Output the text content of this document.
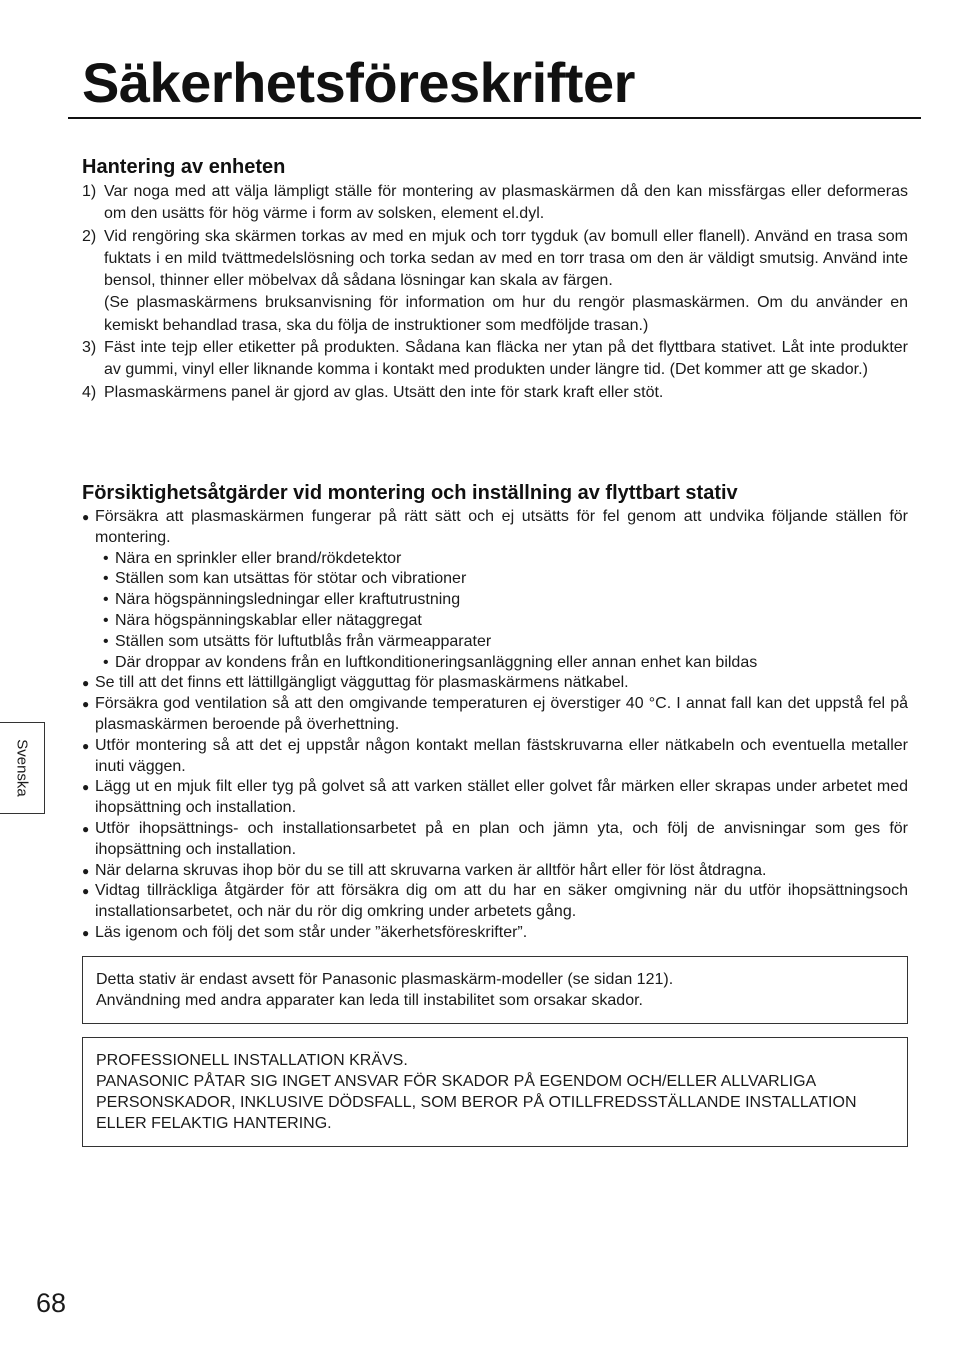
Säkerhetsföreskrifter
Hantering av enheten
1) Var noga med att välja lämpligt ställe för montering av plasmaskärmen då den kan missfärgas eller deformeras om den usätts för hög värme i form av solsken, element el.dyl.
2) Vid rengöring ska skärmen torkas av med en mjuk och torr tygduk (av bomull eller flanell). Använd en trasa som fuktats i en mild tvättmedelslösning och torka sedan av med en torr trasa om den är väldigt smutsig. Använd inte bensol, thinner eller möbelvax då sådana lösningar kan skala av färgen.
(Se plasmaskärmens bruksanvisning för information om hur du rengör plasmaskärmen. Om du använder en kemiskt behandlad trasa, ska du följa de instruktioner som medföljde trasan.)
3) Fäst inte tejp eller etiketter på produkten. Sådana kan fläcka ner ytan på det flyttbara stativet. Låt inte produkter av gummi, vinyl eller liknande komma i kontakt med produkten under längre tid. (Det kommer att ge skador.)
4) Plasmaskärmens panel är gjord av glas. Utsätt den inte för stark kraft eller stöt.
Försiktighetsåtgärder vid montering och inställning av flyttbart stativ
● Försäkra att plasmaskärmen fungerar på rätt sätt och ej utsätts för fel genom att undvika följande ställen för montering.
• Nära en sprinkler eller brand/rökdetektor
• Ställen som kan utsättas för stötar och vibrationer
• Nära högspänningsledningar eller kraftutrustning
• Nära högspänningskablar eller nätaggregat
• Ställen som utsätts för luftutblås från värmeapparater
• Där droppar av kondens från en luftkonditioneringsanläggning eller annan enhet kan bildas
● Se till att det finns ett lättillgängligt vägguttag för plasmaskärmens nätkabel.
● Försäkra god ventilation så att den omgivande temperaturen ej överstiger 40 °C. I annat fall kan det uppstå fel på plasmaskärmen beroende på överhettning.
● Utför montering så att det ej uppstår någon kontakt mellan fästskruvarna eller nätkabeln och eventuella metaller inuti väggen.
● Lägg ut en mjuk filt eller tyg på golvet så att varken stället eller golvet får märken eller skrapas under arbetet med ihopsättning och installation.
● Utför ihopsättnings- och installationsarbetet på en plan och jämn yta, och följ de anvisningar som ges för ihopsättning och installation.
● När delarna skruvas ihop bör du se till att skruvarna varken är alltför hårt eller för löst åtdragna.
● Vidtag tillräckliga åtgärder för att försäkra dig om att du har en säker omgivning när du utför ihopsättningsoch installationsarbetet, och när du rör dig omkring under arbetets gång.
● Läs igenom och följ det som står under ”äkerhetsföreskrifter”.
Svenska
Detta stativ är endast avsett för Panasonic plasmaskärm-modeller (se sidan 121).
Användning med andra apparater kan leda till instabilitet som orsakar skador.
PROFESSIONELL INSTALLATION KRÄVS.
PANASONIC PÅTAR SIG INGET ANSVAR FÖR SKADOR PÅ EGENDOM OCH/ELLER ALLVARLIGA PERSONSKADOR, INKLUSIVE DÖDSFALL, SOM BEROR PÅ OTILLFREDSSTÄLLANDE INSTALLATION ELLER FELAKTIG HANTERING.
68
